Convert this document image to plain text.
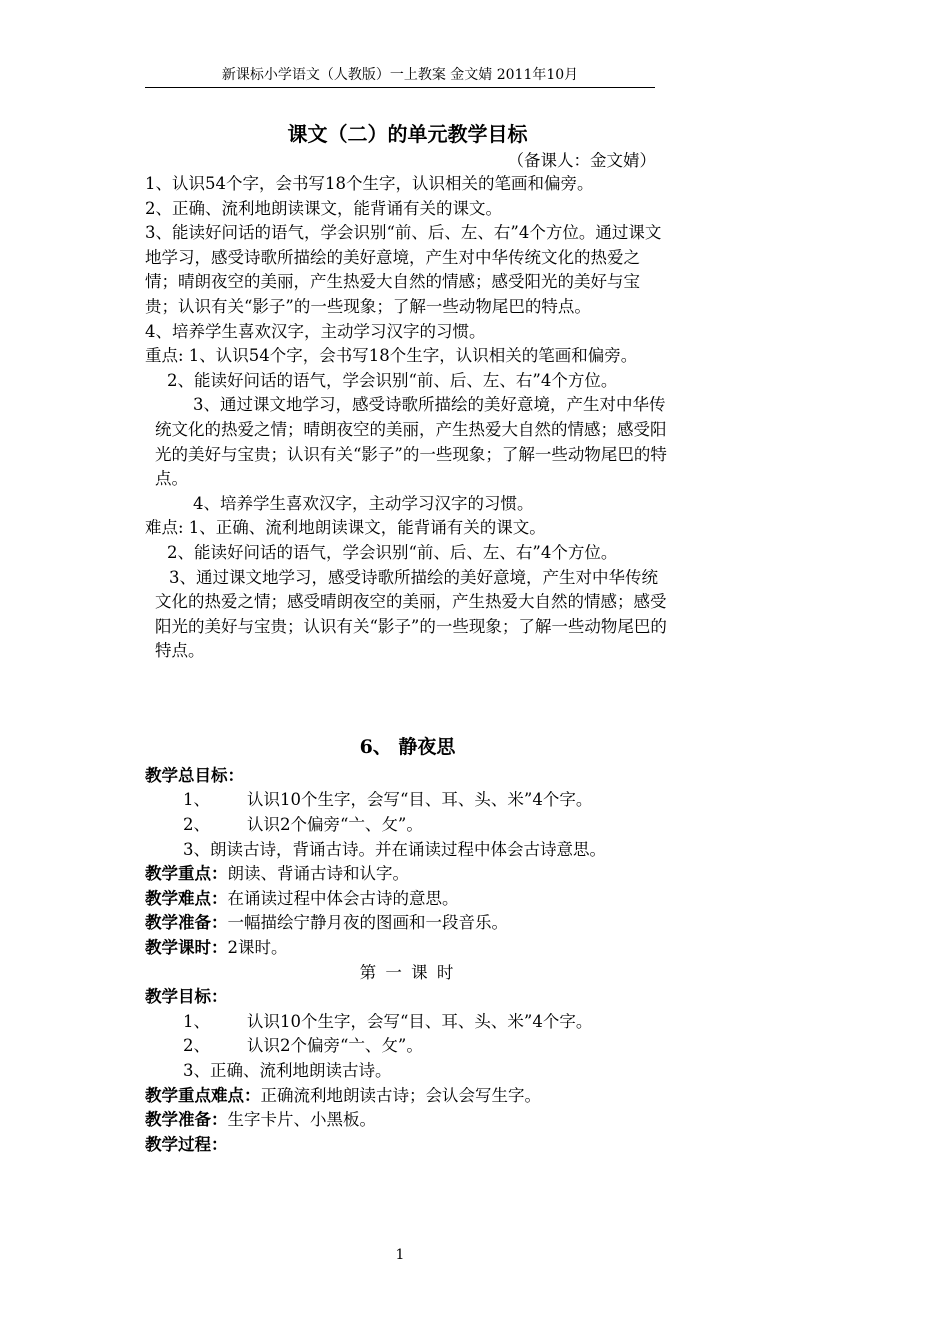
新课标小学语文（人教版）一上教案 金文婧 2011年10月
课文（二）的单元教学目标
（备课人：金文婧）

1、认识54个字，会书写18个生字，认识相关的笔画和偏旁。

2、正确、流利地朗读课文，能背诵有关的课文。

3、能读好问话的语气，学会识别“前、后、左、右”4个方位。通过课文地学习，感受诗歌所描绘的美好意境，产生对中华传统文化的热爱之情；晴朗夜空的美丽，产生热爱大自然的情感；感受阳光的美好与宝贵；认识有关“影子”的一些现象；了解一些动物尾巴的特点。

4、培养学生喜欢汉字，主动学习汉字的习惯。

重点: 1、认识54个字，会书写18个生字，认识相关的笔画和偏旁。

2、能读好问话的语气，学会识别“前、后、左、右”4个方位。

3、通过课文地学习，感受诗歌所描绘的美好意境，产生对中华传统文化的热爱之情；晴朗夜空的美丽，产生热爱大自然的情感；感受阳光的美好与宝贵；认识有关“影子”的一些现象；了解一些动物尾巴的特点。

4、培养学生喜欢汉字，主动学习汉字的习惯。

难点: 1、正确、流利地朗读课文，能背诵有关的课文。

2、能读好问话的语气，学会识别“前、后、左、右”4个方位。

3、通过课文地学习，感受诗歌所描绘的美好意境，产生对中华传统文化的热爱之情；感受晴朗夜空的美丽，产生热爱大自然的情感；感受阳光的美好与宝贵；认识有关“影子”的一些现象；了解一些动物尾巴的特点。

6、 静夜思

教学总目标：

1、 认识10个生字，会写“目、耳、头、米”4个字。

2、 认识2个偏旁“亠、攵”。

3、朗读古诗，背诵古诗。并在诵读过程中体会古诗意思。

教学重点：朗读、背诵古诗和认字。

教学难点：在诵读过程中体会古诗的意思。

教学准备：一幅描绘宁静月夜的图画和一段音乐。

教学课时：2课时。

第 一 课 时

教学目标：

1、 认识10个生字，会写“目、耳、头、米”4个字。

2、 认识2个偏旁“亠、攵”。

3、正确、流利地朗读古诗。

教学重点难点：正确流利地朗读古诗；会认会写生字。

教学准备：生字卡片、小黑板。

教学过程：

1
